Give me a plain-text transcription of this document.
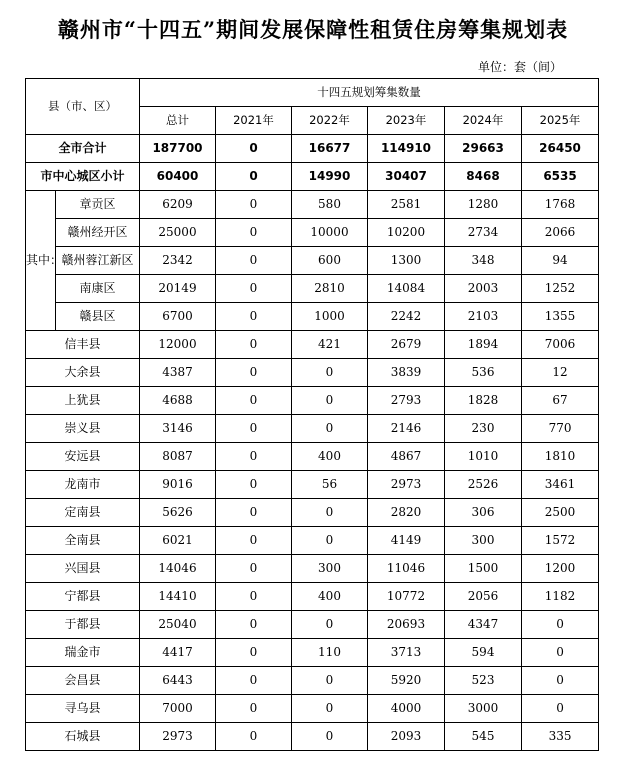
赣州市“十四五”期间发展保障性租赁住房筹集规划表
单位：套（间）
县（市、区）		十四五规划筹集数量					
		总计	2021年	2022年	2023年	2024年	2025年
全市合计		187700	0	16677	114910	29663	26450
市中心城区小计		60400	0	14990	30407	8468	6535
其中：	章贡区	6209	0	580	2581	1280	1768
	赣州经开区	25000	0	10000	10200	2734	2066
	赣州蓉江新区	2342	0	600	1300	348	94
	南康区	20149	0	2810	14084	2003	1252
	赣县区	6700	0	1000	2242	2103	1355
信丰县		12000	0	421	2679	1894	7006
大余县		4387	0	0	3839	536	12
上犹县		4688	0	0	2793	1828	67
崇义县		3146	0	0	2146	230	770
安远县		8087	0	400	4867	1010	1810
龙南市		9016	0	56	2973	2526	3461
定南县		5626	0	0	2820	306	2500
全南县		6021	0	0	4149	300	1572
兴国县		14046	0	300	11046	1500	1200
宁都县		14410	0	400	10772	2056	1182
于都县		25040	0	0	20693	4347	0
瑞金市		4417	0	110	3713	594	0
会昌县		6443	0	0	5920	523	0
寻乌县		7000	0	0	4000	3000	0
石城县		2973	0	0	2093	545	335
